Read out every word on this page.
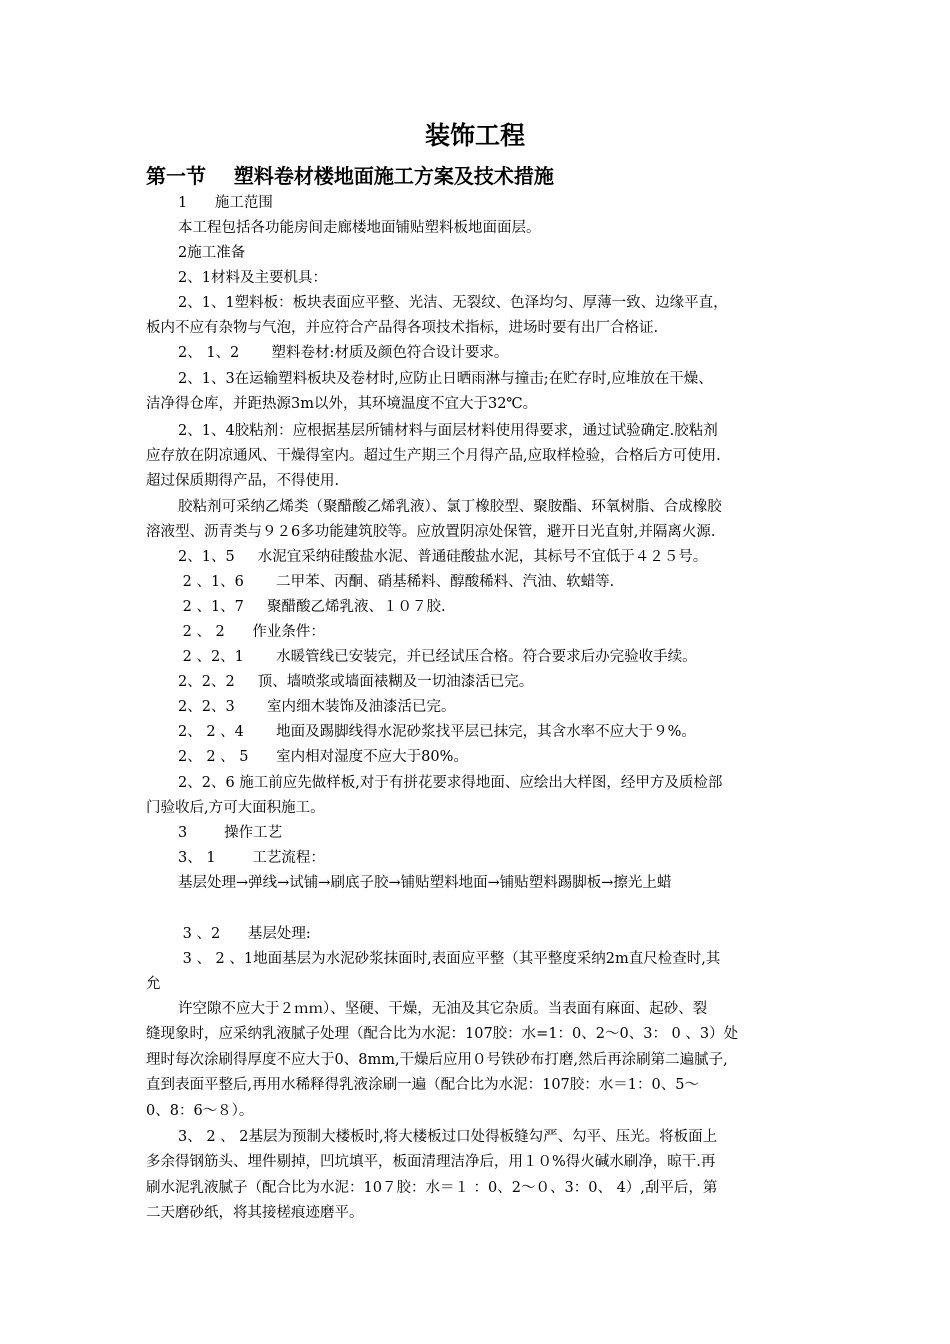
装饰工程
第一节    塑料卷材楼地面施工方案及技术措施
1      施工范围
本工程包括各功能房间走廊楼地面铺贴塑料板地面面层。
2施工准备
2、1材料及主要机具：
2、1、1塑料板：板块表面应平整、光洁、无裂纹、色泽均匀、厚薄一致、边缘平直，
板内不应有杂物与气泡，并应符合产品得各项技术指标，进场时要有出厂合格证.
2、 1、2       塑料卷材:材质及颜色符合设计要求。
2、1、3在运输塑料板块及卷材时,应防止日晒雨淋与撞击;在贮存时,应堆放在干燥、
洁净得仓库，并距热源3m以外，其环境温度不宜大于32℃。
2、1、4胶粘剂：应根据基层所铺材料与面层材料使用得要求，通过试验确定.胶粘剂
应存放在阴凉通风、干燥得室内。超过生产期三个月得产品,应取样检验，合格后方可使用.
超过保质期得产品，不得使用.
胶粘剂可采纳乙烯类（聚醋酸乙烯乳液）、氯丁橡胶型、聚胺酯、环氧树脂、合成橡胶
溶液型、沥青类与９２6多功能建筑胶等。应放置阴凉处保管，避开日光直射,并隔离火源.
2、1、5     水泥宜采纳硅酸盐水泥、普通硅酸盐水泥，其标号不宜低于４２５号。
2 、1、6       二甲苯、丙酮、硝基稀料、醇酸稀料、汽油、软蜡等.
2 、1、7     聚醋酸乙烯乳液、１０７胶.
2 、 2      作业条件：
2 、2、1       水暖管线已安装完，并已经试压合格。符合要求后办完验收手续。
2、2、2     顶、墙喷浆或墙面裱糊及一切油漆活已完。
2、2、3       室内细木装饰及油漆活已完。
2、 2 、4       地面及踢脚线得水泥砂浆找平层已抹完，其含水率不应大于９%。
2、 2 、 5      室内相对湿度不应大于80%。
2、2、6 施工前应先做样板,对于有拼花要求得地面、应绘出大样图，经甲方及质检部
门验收后,方可大面积施工。
3        操作工艺
3、 1        工艺流程：
基层处理→弹线→试铺→刷底子胶→铺贴塑料地面→铺贴塑料踢脚板→擦光上蜡
3 、2      基层处理:
3 、 2 、1地面基层为水泥砂浆抹面时,表面应平整（其平整度采纳2m直尺检查时,其
允
许空隙不应大于２ｍｍ）、坚硬、干燥，无油及其它杂质。当表面有麻面、起砂、裂
缝现象时，应采纳乳液腻子处理（配合比为水泥：107胶：水=1：0、2～0、3： 0 、3）处
理时每次涂刷得厚度不应大于0、8mm,干燥后应用０号铁砂布打磨,然后再涂刷第二遍腻子,
直到表面平整后,再用水稀释得乳液涂刷一遍（配合比为水泥：107胶：水＝1：0、5～
0、8：6～８）。
3、 2 、 2基层为预制大楼板时,将大楼板过口处得板缝勾严、勾平、压光。将板面上
多余得钢筋头、埋件剔掉，凹坑填平，板面清理洁净后，用１０%得火碱水刷净，晾干.再
刷水泥乳液腻子（配合比为水泥：10７胶：水＝１ ：0、2～０、3：0、 4）,刮平后，第
二天磨砂纸，将其接槎痕迹磨平。
